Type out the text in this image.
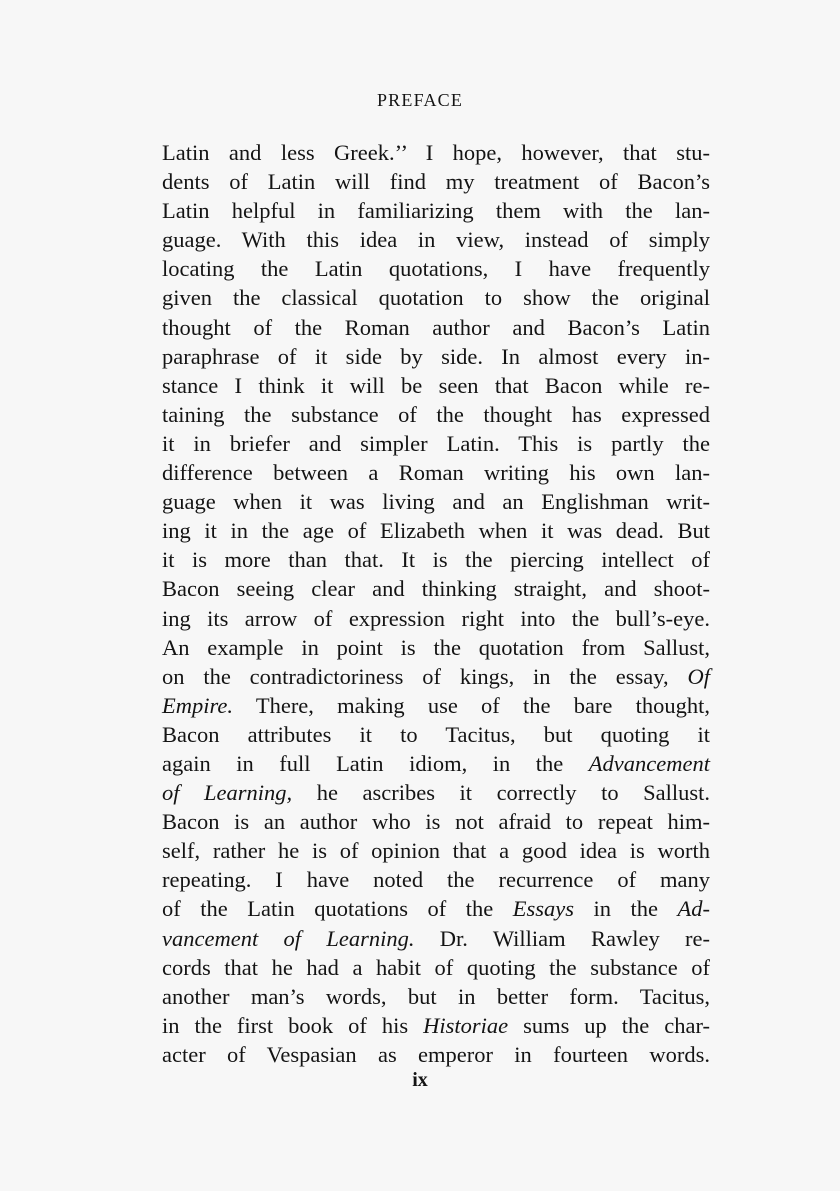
PREFACE
Latin and less Greek.’’ I hope, however, that stu-
dents of Latin will find my treatment of Bacon’s
Latin helpful in familiarizing them with the lan-
guage. With this idea in view, instead of simply
locating the Latin quotations, I have frequently
given the classical quotation to show the original
thought of the Roman author and Bacon’s Latin
paraphrase of it side by side. In almost every in-
stance I think it will be seen that Bacon while re-
taining the substance of the thought has expressed
it in briefer and simpler Latin. This is partly the
difference between a Roman writing his own lan-
guage when it was living and an Englishman writ-
ing it in the age of Elizabeth when it was dead. But
it is more than that. It is the piercing intellect of
Bacon seeing clear and thinking straight, and shoot-
ing its arrow of expression right into the bull’s-eye.
An example in point is the quotation from Sallust,
on the contradictoriness of kings, in the essay, Of
Empire. There, making use of the bare thought,
Bacon attributes it to Tacitus, but quoting it
again in full Latin idiom, in the Advancement
of Learning, he ascribes it correctly to Sallust.
Bacon is an author who is not afraid to repeat him-
self, rather he is of opinion that a good idea is worth
repeating. I have noted the recurrence of many
of the Latin quotations of the Essays in the Ad-
vancement of Learning. Dr. William Rawley re-
cords that he had a habit of quoting the substance of
another man’s words, but in better form. Tacitus,
in the first book of his Historiae sums up the char-
acter of Vespasian as emperor in fourteen words.
ix
